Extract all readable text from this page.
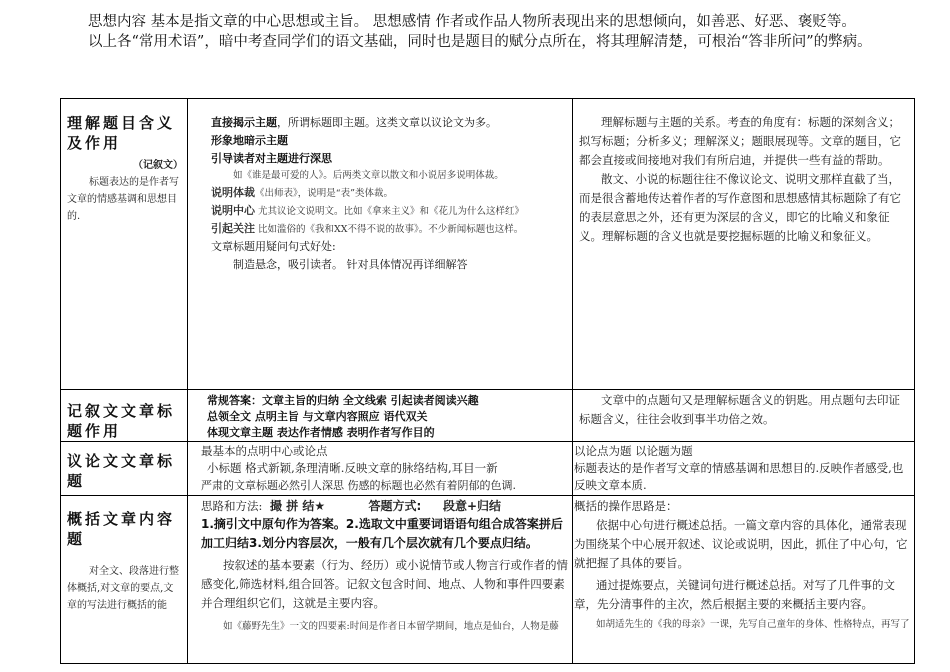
思想内容 基本是指文章的中心思想或主旨。 思想感情 作者或作品人物所表现出来的思想倾向，如善恶、好恶、褒贬等。

以上各“常用术语”，暗中考查同学们的语文基础，同时也是题目的赋分点所在，将其理解清楚，可根治“答非所问”的弊病。

理解题目含义及作用
（记叙文）
标题表达的是作者写文章的情感基调和思想目的.
直接揭示主题，所谓标题即主题。这类文章以议论文为多。
形象地暗示主题
引导读者对主题进行深思
如《谁是最可爱的人》。后两类文章以散文和小说居多说明体裁。
说明体裁《出师表》，说明是“表”类体裁。
说明中心 尤其议论文说明文。比如《拿来主义》和《花儿为什么这样红》
引起关注 比如滥俗的《我和XX不得不说的故事》。不少新闻标题也这样。
文章标题用疑问句式好处:
制造悬念，吸引读者。 针对具体情况再详细解答
理解标题与主题的关系。考查的角度有：标题的深刻含义；拟写标题；分析多义；理解深义；题眼展现等。文章的题目，它都会直接或间接地对我们有所启迪，并提供一些有益的帮助。
散文、小说的标题往往不像议论文、说明文那样直截了当，而是很含蓄地传达着作者的写作意图和思想感情其标题除了有它的表层意思之外，还有更为深层的含义，即它的比喻义和象征义。理解标题的含义也就是要挖掘标题的比喻义和象征义。
记叙文文章标题作用
常规答案：文章主旨的归纳 全文线索 引起读者阅读兴趣
总领全文 点明主旨 与文章内容照应 语代双关
体现文章主题 表达作者情感 表明作者写作目的
文章中的点题句又是理解标题含义的钥匙。用点题句去印证标题含义，往往会收到事半功倍之效。
议论文文章标题
最基本的点明中心或论点
小标题 格式新颖,条理清晰.反映文章的脉络结构,耳目一新
严肃的文章标题必然引人深思 伤感的标题也必然有着阴郁的色调.
以论点为题 以论题为题
标题表达的是作者写文章的情感基调和思想目的.反映作者感受,也反映文章本质.
概括文章内容题
对全文、段落进行整体概括,对文章的要点,文章的写法进行概括的能
思路和方法: 撮 拼 结★	答题方式: 段意+归结
1.摘引文中原句作为答案。2.选取文中重要词语语句组合成答案拼后加工归结3.划分内容层次，一般有几个层次就有几个要点归结。
按叙述的基本要素（行为、经历）或小说情节或人物言行或作者的情感变化,筛选材料,组合回答。记叙文包含时间、地点、人物和事件四要素并合理组织它们，这就是主要内容。
如《藤野先生》一文的四要素:时间是作者日本留学期间，地点是仙台，人物是藤
概括的操作思路是：
依据中心句进行概述总括。一篇文章内容的具体化，通常表现为围绕某个中心展开叙述、议论或说明，因此，抓住了中心句，它就把握了具体的要旨。
通过提炼要点，关键词句进行概述总括。对写了几件事的文章，先分清事件的主次，然后根据主要的来概括主要内容。
如胡适先生的《我的母亲》一课，先写自己童年的身体、性格特点，再写了
